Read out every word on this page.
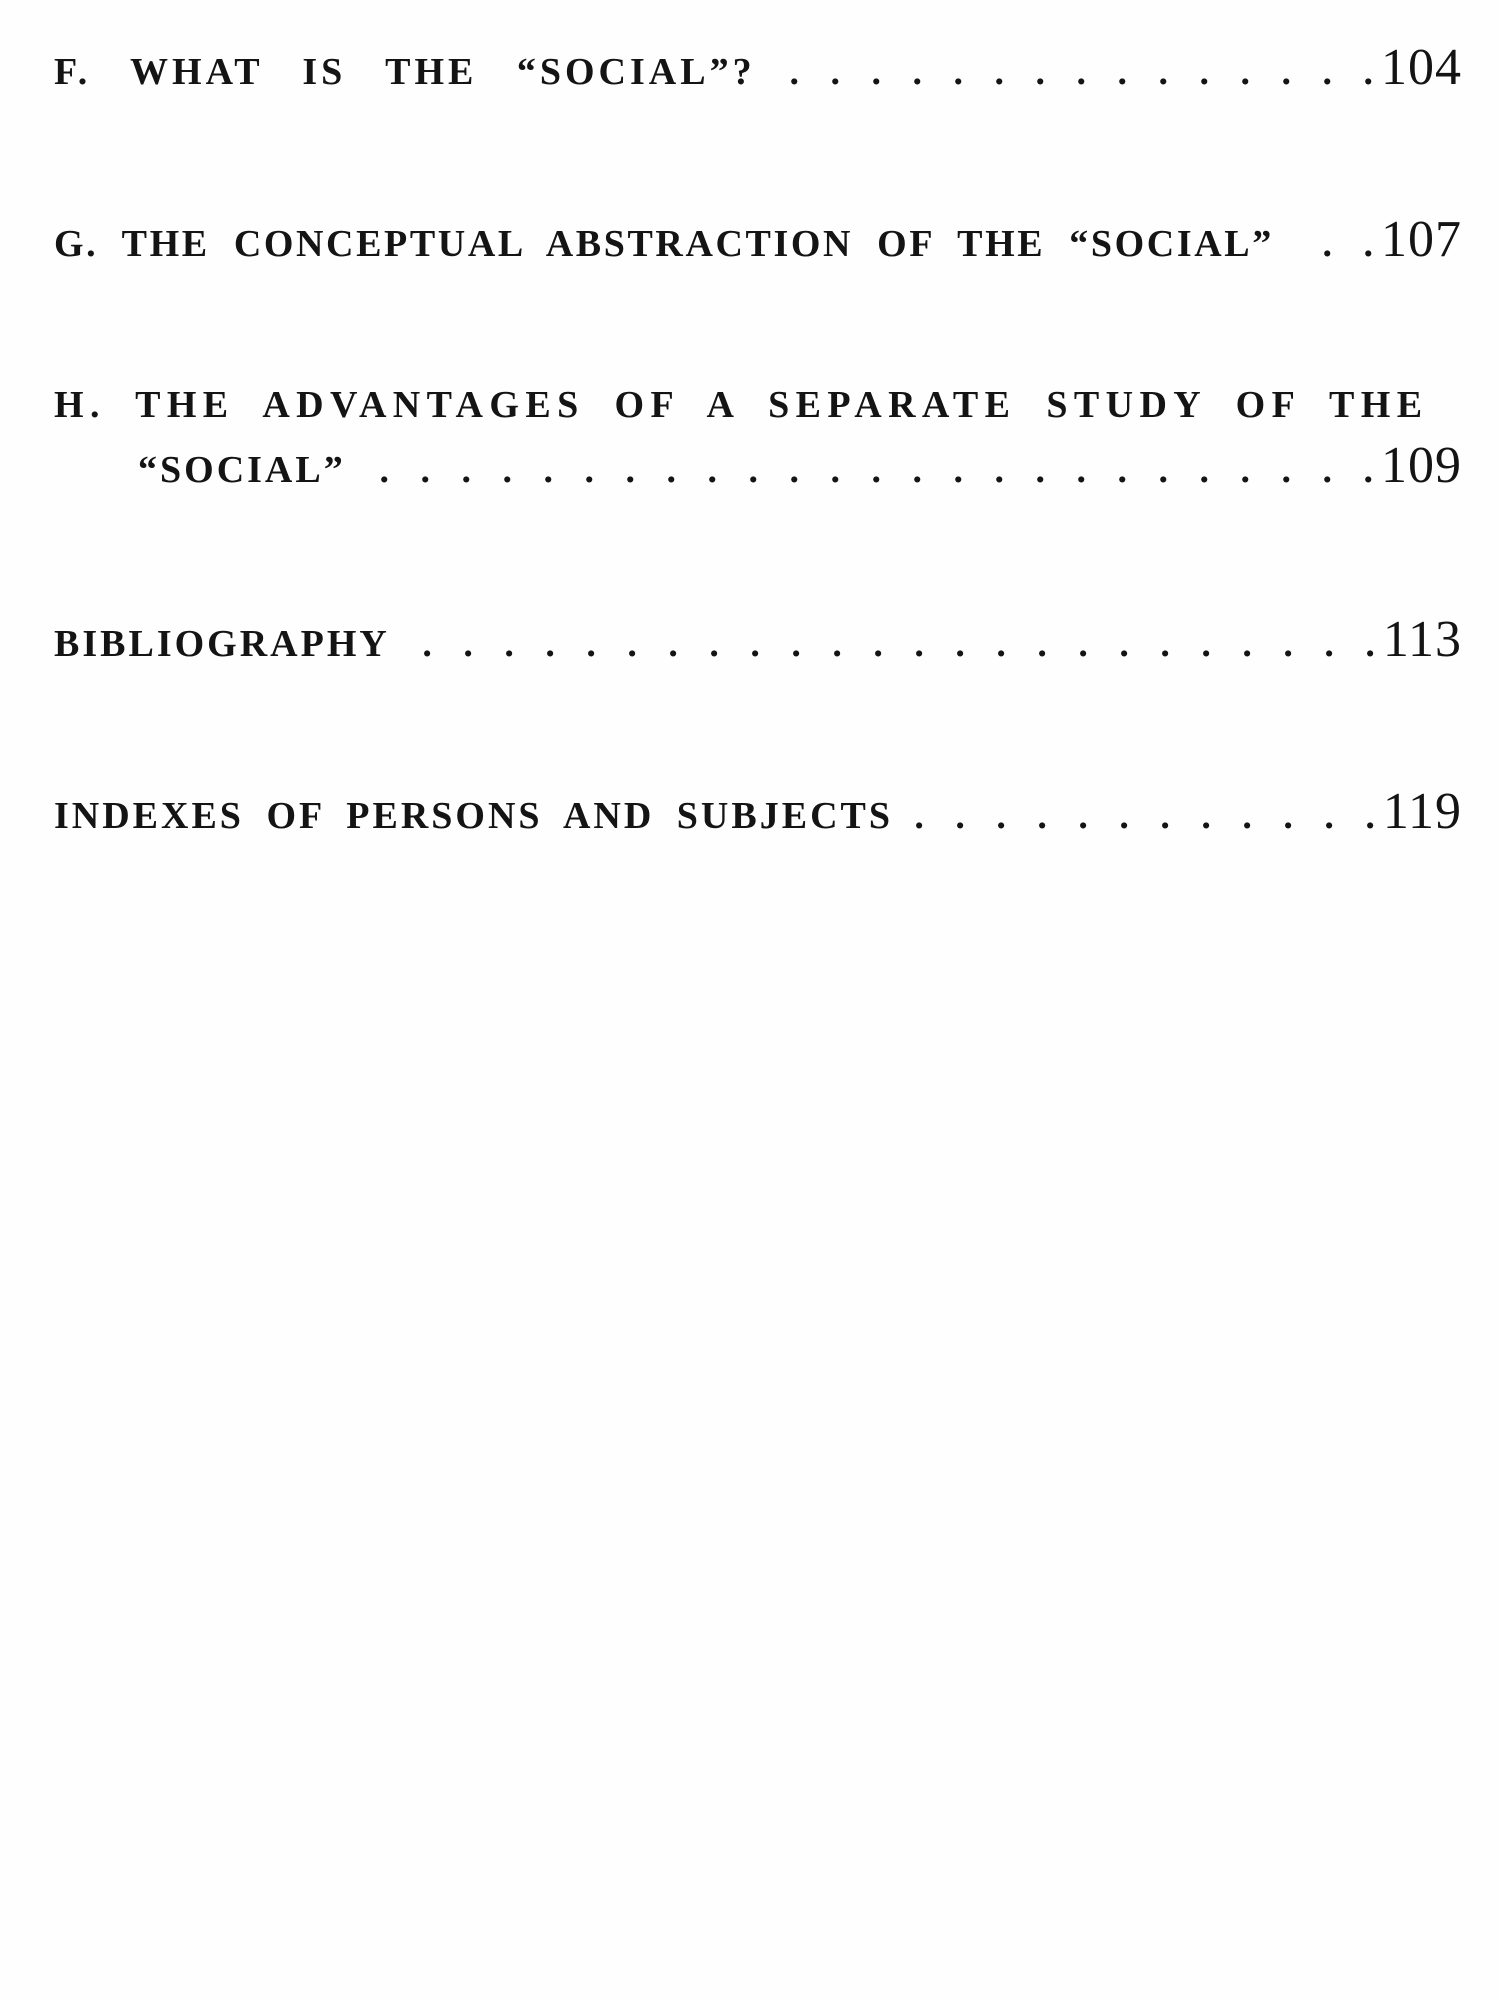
F. WHAT IS THE “SOCIAL”? . . .	104
G. THE CONCEPTUAL ABSTRACTION OF THE “SOCIAL” . . . 107
H. THE ADVANTAGES OF A SEPARATE STUDY OF THE
“SOCIAL” . . .	109
BIBLIOGRAPHY . . .	113
INDEXES OF PERSONS AND SUBJECTS . . .	119
